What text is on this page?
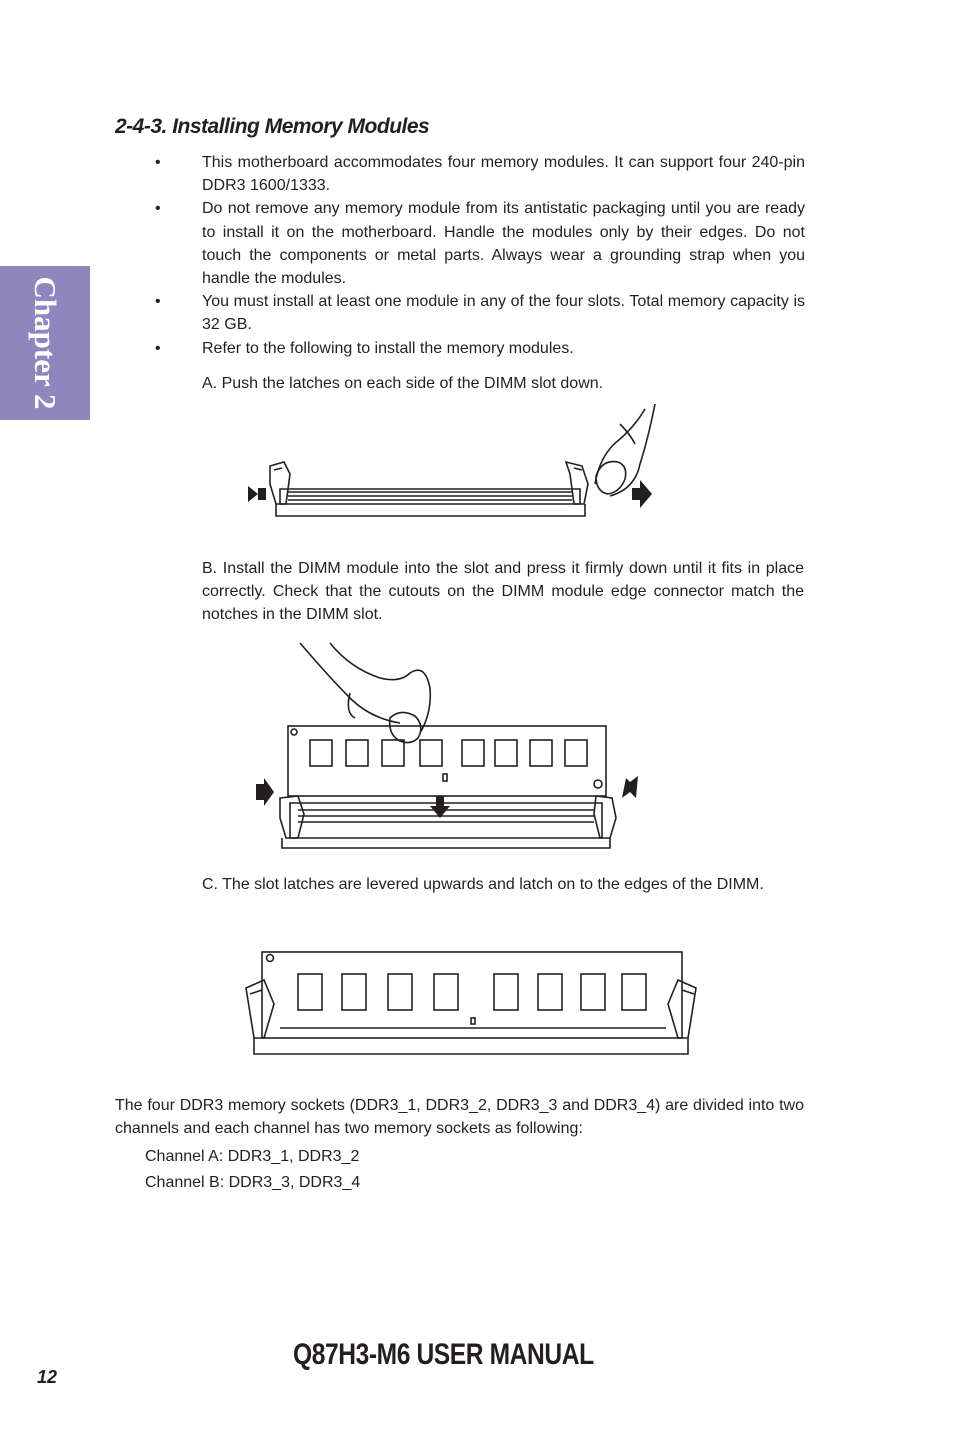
Chapter 2
2-4-3. Installing Memory Modules
•	This motherboard accommodates four memory modules. It can support four 240-pin DDR3 1600/1333.
•	Do not remove any memory module from its antistatic packaging until you are ready to install it on the motherboard. Handle the modules only by their edges. Do not touch the components or metal parts. Always wear a grounding strap when you handle the modules.
•	You must install at least one module in any of the four slots. Total memory capacity is 32 GB.
•	Refer to the following to install the memory modules.

A. Push the latches on each side of the DIMM slot down.

B. Install the DIMM module into the slot and press it firmly down until it fits in place correctly. Check that the cutouts on the DIMM module edge connector match the notches in the DIMM slot.

C. The slot latches are levered upwards and latch on to the edges of the DIMM.

The four DDR3 memory sockets (DDR3_1, DDR3_2, DDR3_3 and DDR3_4) are divided into two channels and each channel has two memory sockets as following:

Channel A: DDR3_1, DDR3_2

Channel B: DDR3_3, DDR3_4

12
Q87H3-M6 USER MANUAL
